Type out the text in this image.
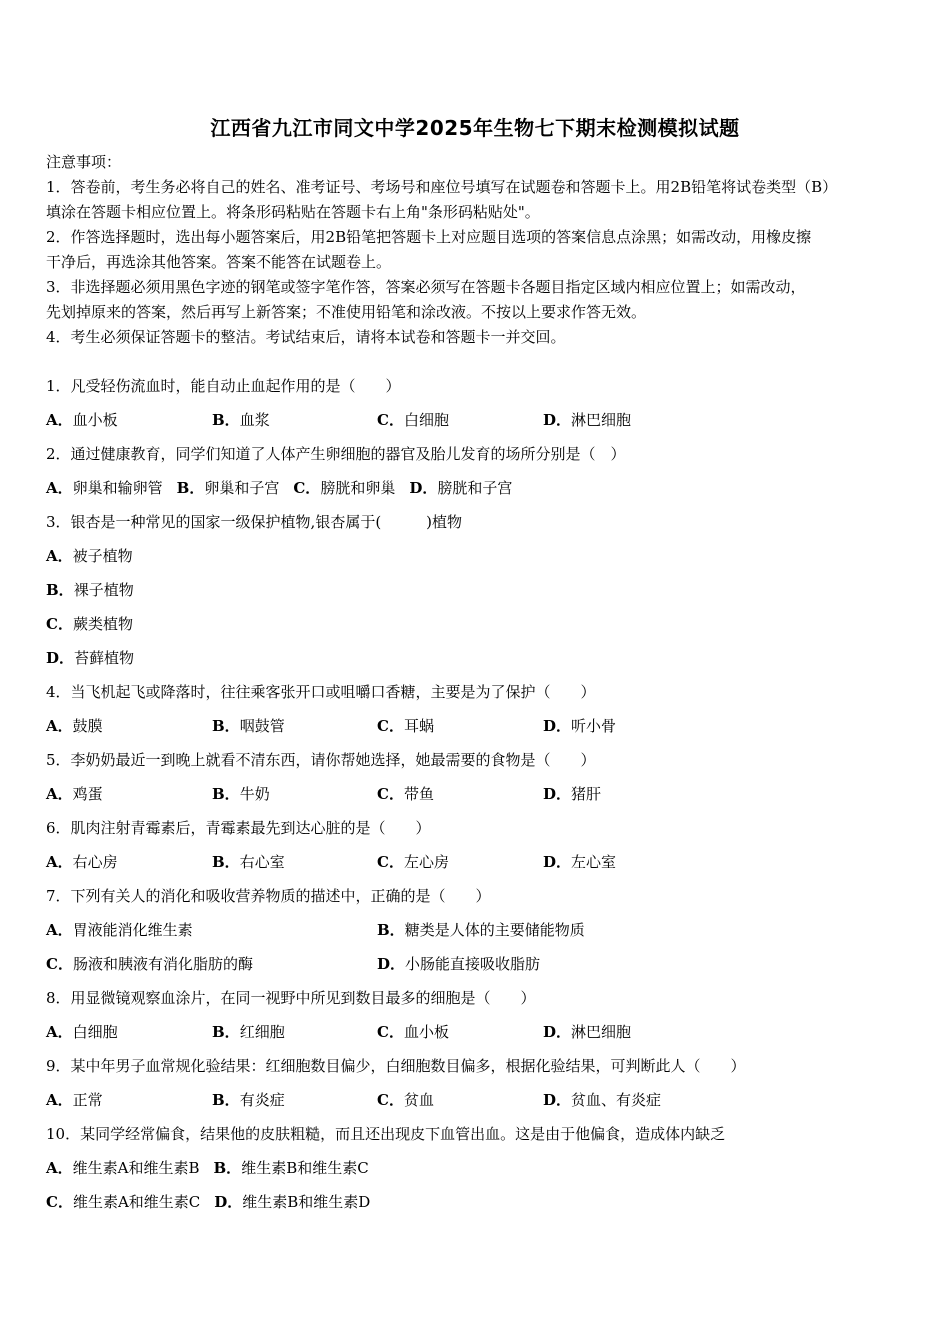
江西省九江市同文中学2025年生物七下期末检测模拟试题
注意事项：
1．答卷前，考生务必将自己的姓名、准考证号、考场号和座位号填写在试题卷和答题卡上。用2B铅笔将试卷类型（B）
填涂在答题卡相应位置上。将条形码粘贴在答题卡右上角"条形码粘贴处"。
2．作答选择题时，选出每小题答案后，用2B铅笔把答题卡上对应题目选项的答案信息点涂黑；如需改动，用橡皮擦
干净后，再选涂其他答案。答案不能答在试题卷上。
3．非选择题必须用黑色字迹的钢笔或签字笔作答，答案必须写在答题卡各题目指定区域内相应位置上；如需改动，
先划掉原来的答案，然后再写上新答案；不准使用铅笔和涂改液。不按以上要求作答无效。
4．考生必须保证答题卡的整洁。考试结束后，请将本试卷和答题卡一并交回。
1．凡受轻伤流血时，能自动止血起作用的是（　　）
A．血小板	B．血浆	C．白细胞	D．淋巴细胞
2．通过健康教育，同学们知道了人体产生卵细胞的器官及胎儿发育的场所分别是（　）
A．卵巢和输卵管 B．卵巢和子宫 C．膀胱和卵巢 D．膀胱和子宫
3．银杏是一种常见的国家一级保护植物,银杏属于(　　　)植物
A．被子植物
B．裸子植物
C．蕨类植物
D．苔藓植物
4．当飞机起飞或降落时，往往乘客张开口或咀嚼口香糖，主要是为了保护（　　）
A．鼓膜	B．咽鼓管	C．耳蜗	D．听小骨
5．李奶奶最近一到晚上就看不清东西，请你帮她选择，她最需要的食物是（　　）
A．鸡蛋	B．牛奶	C．带鱼	D．猪肝
6．肌肉注射青霉素后，青霉素最先到达心脏的是（　　）
A．右心房	B．右心室	C．左心房	D．左心室
7．下列有关人的消化和吸收营养物质的描述中，正确的是（　　）
A．胃液能消化维生素	B．糖类是人体的主要储能物质
C．肠液和胰液有消化脂肪的酶	D．小肠能直接吸收脂肪
8．用显微镜观察血涂片，在同一视野中所见到数目最多的细胞是（　　）
A．白细胞	B．红细胞	C．血小板	D．淋巴细胞
9．某中年男子血常规化验结果：红细胞数目偏少，白细胞数目偏多，根据化验结果，可判断此人（　　）
A．正常	B．有炎症	C．贫血	D．贫血、有炎症
10．某同学经常偏食，结果他的皮肤粗糙，而且还出现皮下血管出血。这是由于他偏食，造成体内缺乏
A．维生素A和维生素B B．维生素B和维生素C
C．维生素A和维生素C D．维生素B和维生素D
